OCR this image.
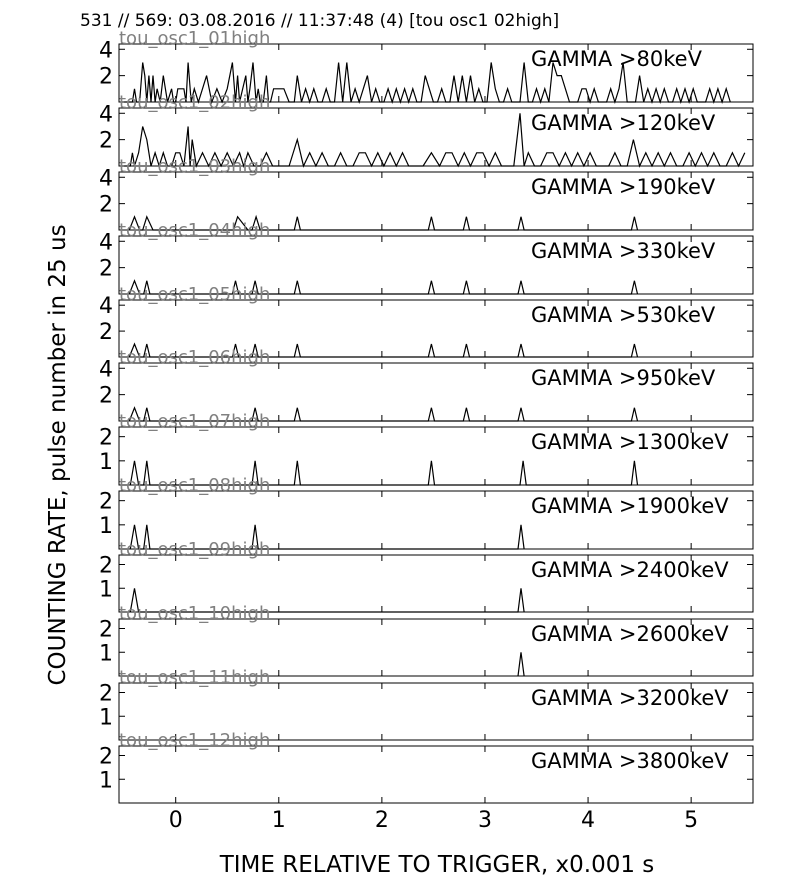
531 // 569: 03.08.2016 // 11:37:48 (4) [tou osc1 02high]
COUNTING RATE, pulse number in 25 us
TIME RELATIVE TO TRIGGER, x0.001 s
2
4	GAMMA >80keV
tou_osc1_01high
2
4	GAMMA >120keV
tou_osc1_02high
2
4	GAMMA >190keV
tou_osc1_03high
2
4	GAMMA >330keV
tou_osc1_04high
2
4	GAMMA >530keV
tou_osc1_05high
2
4	GAMMA >950keV
tou_osc1_06high
1
2	GAMMA >1300keV
tou_osc1_07high
1
2	GAMMA >1900keV
tou_osc1_08high
1
2	GAMMA >2400keV
tou_osc1_09high
1
2	GAMMA >2600keV
tou_osc1_10high
1
2	GAMMA >3200keV
tou_osc1_11high
1
2	GAMMA >3800keV
tou_osc1_12high
0	1	2	3	4	5
